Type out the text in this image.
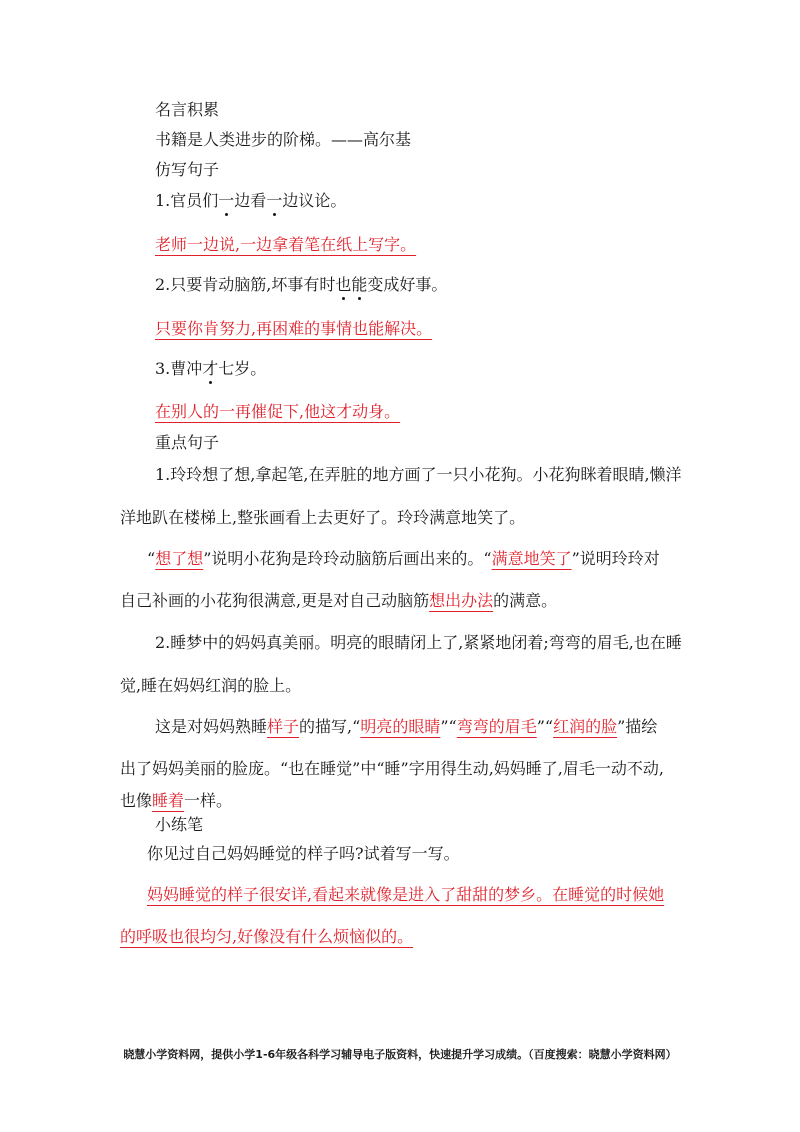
名言积累
书籍是人类进步的阶梯。——高尔基
仿写句子
1.官员们一边看一边议论。
老师一边说,一边拿着笔在纸上写字。
2.只要肯动脑筋,坏事有时也能变成好事。
只要你肯努力,再困难的事情也能解决。
3.曹冲才七岁。
在别人的一再催促下,他这才动身。
重点句子
1.玲玲想了想,拿起笔,在弄脏的地方画了一只小花狗。小花狗眯着眼睛,懒洋
洋地趴在楼梯上,整张画看上去更好了。玲玲满意地笑了。
“想了想”说明小花狗是玲玲动脑筋后画出来的。“满意地笑了”说明玲玲对
自己补画的小花狗很满意,更是对自己动脑筋想出办法的满意。
2.睡梦中的妈妈真美丽。明亮的眼睛闭上了,紧紧地闭着;弯弯的眉毛,也在睡
觉,睡在妈妈红润的脸上。
这是对妈妈熟睡样子的描写,“明亮的眼睛”“弯弯的眉毛”“红润的脸”描绘
出了妈妈美丽的脸庞。“也在睡觉”中“睡”字用得生动,妈妈睡了,眉毛一动不动,
也像睡着一样。
小练笔
你见过自己妈妈睡觉的样子吗?试着写一写。
妈妈睡觉的样子很安详,看起来就像是进入了甜甜的梦乡。在睡觉的时候她
的呼吸也很均匀,好像没有什么烦恼似的。
晓慧小学资料网，提供小学1-6年级各科学习辅导电子版资料，快速提升学习成绩。（百度搜索：晓慧小学资料网）
